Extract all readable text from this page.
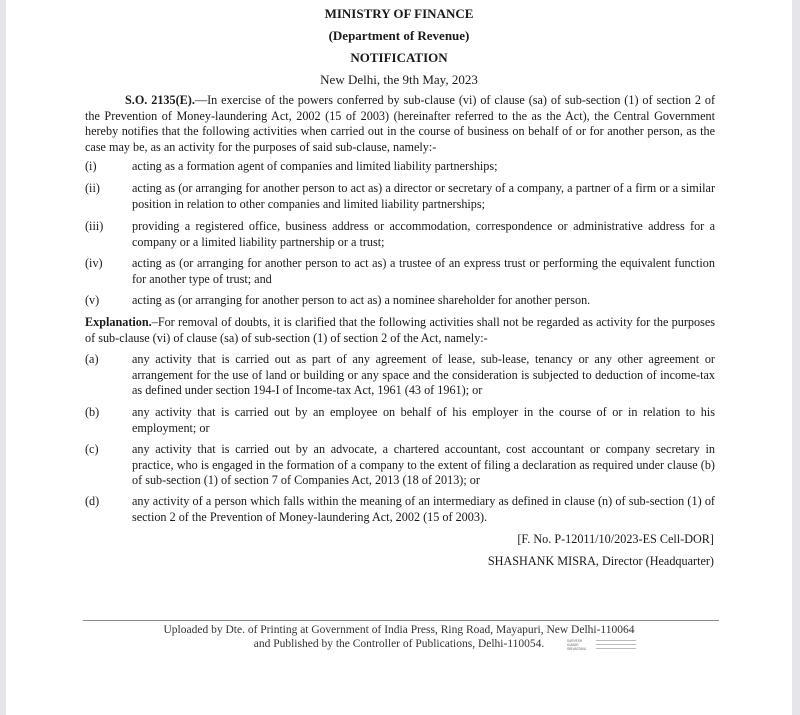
MINISTRY OF FINANCE
(Department of Revenue)
NOTIFICATION
New Delhi, the 9th May, 2023
S.O. 2135(E).—In exercise of the powers conferred by sub-clause (vi) of clause (sa) of sub-section (1) of section 2 of the Prevention of Money-laundering Act, 2002 (15 of 2003) (hereinafter referred to the as the Act), the Central Government hereby notifies that the following activities when carried out in the course of business on behalf of or for another person, as the case may be, as an activity for the purposes of said sub-clause, namely:-
(i)	acting as a formation agent of companies and limited liability partnerships;
(ii)	acting as (or arranging for another person to act as) a director or secretary of a company, a partner of a firm or a similar position in relation to other companies and limited liability partnerships;
(iii)	providing a registered office, business address or accommodation, correspondence or administrative address for a company or a limited liability partnership or a trust;
(iv)	acting as (or arranging for another person to act as) a trustee of an express trust or performing the equivalent function for another type of trust; and
(v)	acting as (or arranging for another person to act as) a nominee shareholder for another person.
Explanation.–For removal of doubts, it is clarified that the following activities shall not be regarded as activity for the purposes of sub-clause (vi) of clause (sa) of sub-section (1) of section 2 of the Act, namely:-
(a)	any activity that is carried out as part of any agreement of lease, sub-lease, tenancy or any other agreement or arrangement for the use of land or building or any space and the consideration is subjected to deduction of income-tax as defined under section 194-I of Income-tax Act, 1961 (43 of 1961); or
(b)	any activity that is carried out by an employee on behalf of his employer in the course of or in relation to his employment; or
(c)	any activity that is carried out by an advocate, a chartered accountant, cost accountant or company secretary in practice, who is engaged in the formation of a company to the extent of filing a declaration as required under clause (b) of sub-section (1) of section 7 of Companies Act, 2013 (18 of 2013); or
(d)	any activity of a person which falls within the meaning of an intermediary as defined in clause (n) of sub-section (1) of section 2 of the Prevention of Money-laundering Act, 2002 (15 of 2003).
[F. No. P-12011/10/2023-ES Cell-DOR]
SHASHANK MISRA, Director (Headquarter)
Uploaded by Dte. of Printing at Government of India Press, Ring Road, Mayapuri, New Delhi-110064
and Published by the Controller of Publications, Delhi-110054.	SARVESH KUMAR SRIVASTAVA
